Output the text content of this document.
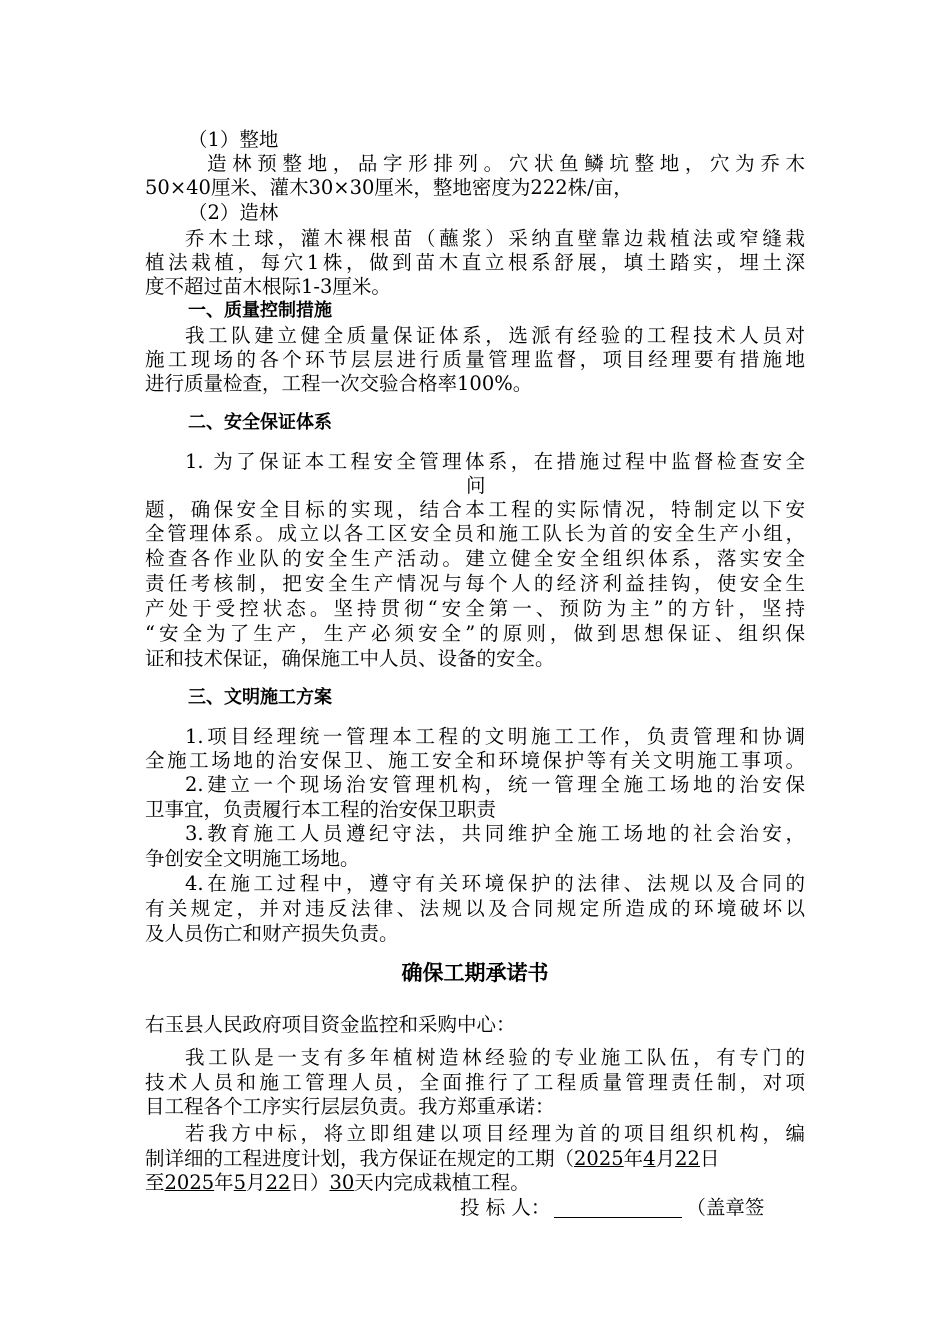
（1）整地
造林预整地，品字形排列。穴状鱼鳞坑整地，穴为乔木
50×40厘米、灌木30×30厘米，整地密度为222株/亩，
（2）造林
乔木土球，灌木裸根苗（蘸浆）采纳直壁靠边栽植法或窄缝栽
植法栽植，每穴1株，做到苗木直立根系舒展，填土踏实，埋土深
度不超过苗木根际1-3厘米。
一、质量控制措施
我工队建立健全质量保证体系，选派有经验的工程技术人员对
施工现场的各个环节层层进行质量管理监督，项目经理要有措施地
进行质量检查，工程一次交验合格率100%。
二、安全保证体系
1. 为了保证本工程安全管理体系，在措施过程中监督检查安全
问
题，确保安全目标的实现，结合本工程的实际情况，特制定以下安
全管理体系。成立以各工区安全员和施工队长为首的安全生产小组，
检查各作业队的安全生产活动。建立健全安全组织体系，落实安全
责任考核制，把安全生产情况与每个人的经济利益挂钩，使安全生
产处于受控状态。坚持贯彻“安全第一、预防为主”的方针，坚持
“安全为了生产，生产必须安全”的原则，做到思想保证、组织保
证和技术保证，确保施工中人员、设备的安全。
三、文明施工方案
1.项目经理统一管理本工程的文明施工工作，负责管理和协调
全施工场地的治安保卫、施工安全和环境保护等有关文明施工事项。
2.建立一个现场治安管理机构，统一管理全施工场地的治安保
卫事宜，负责履行本工程的治安保卫职责
3.教育施工人员遵纪守法，共同维护全施工场地的社会治安，
争创安全文明施工场地。
4.在施工过程中，遵守有关环境保护的法律、法规以及合同的
有关规定，并对违反法律、法规以及合同规定所造成的环境破坏以
及人员伤亡和财产损失负责。
确保工期承诺书
右玉县人民政府项目资金监控和采购中心：
我工队是一支有多年植树造林经验的专业施工队伍，有专门的
技术人员和施工管理人员，全面推行了工程质量管理责任制，对项
目工程各个工序实行层层负责。我方郑重承诺：
若我方中标，将立即组建以项目经理为首的项目组织机构，编
制详细的工程进度计划，我方保证在规定的工期（2025年4月22日
至2025年5月22日）30天内完成栽植工程。
投 标 人：	（盖章签
